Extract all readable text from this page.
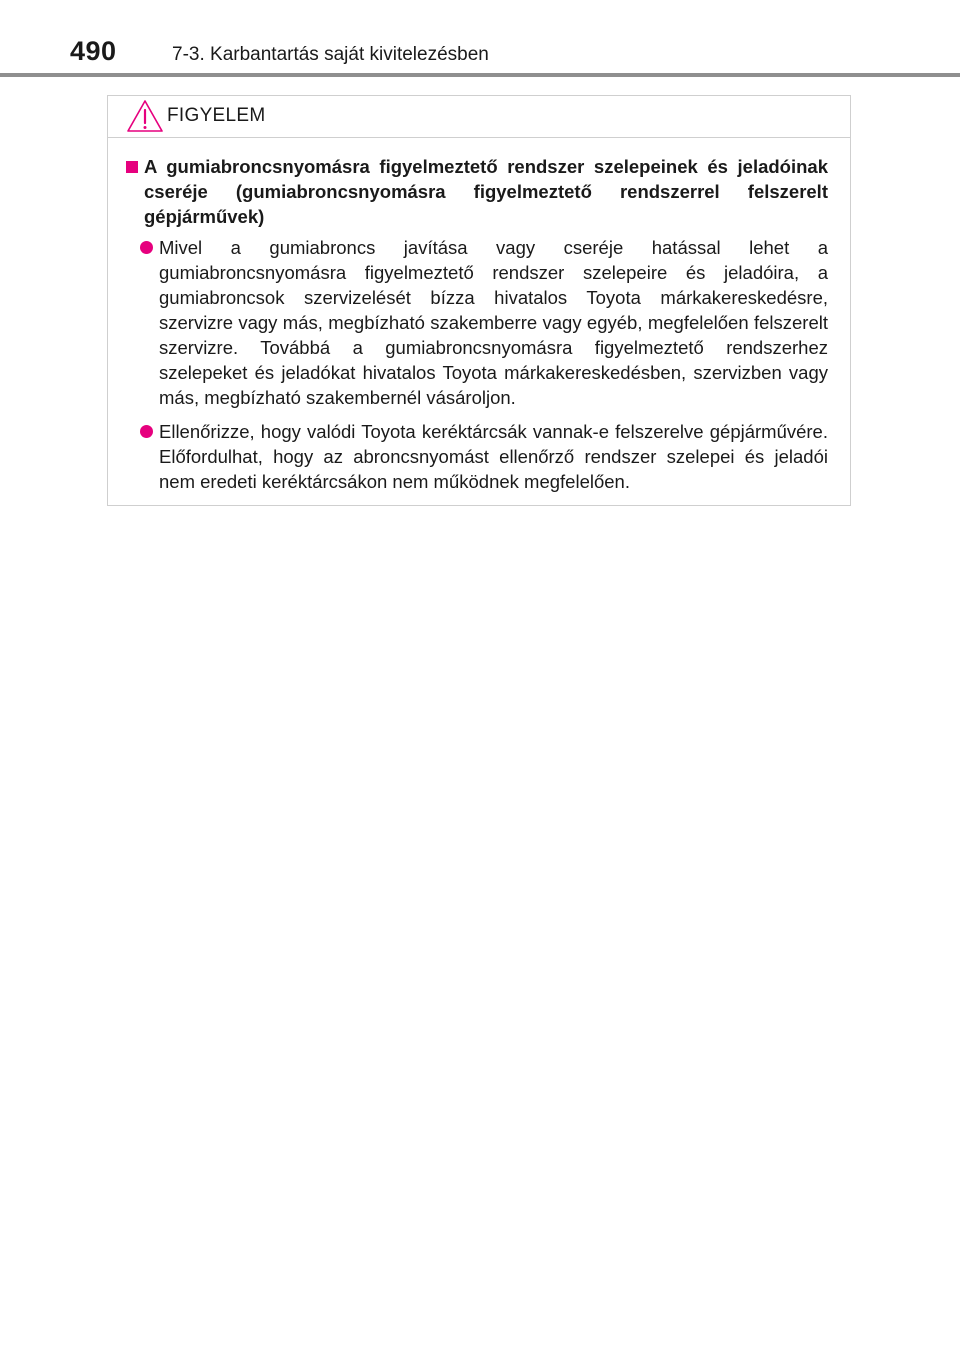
490	7-3. Karbantartás saját kivitelezésben
FIGYELEM
A gumiabroncsnyomásra figyelmeztető rendszer szelepeinek és jeladóinak cseréje (gumiabroncsnyomásra figyelmeztető rendszerrel felszerelt gépjárművek)
Mivel a gumiabroncs javítása vagy cseréje hatással lehet a gumiabroncsnyomásra figyelmeztető rendszer szelepeire és jeladóira, a gumiabroncsok szervizelését bízza hivatalos Toyota márkakereskedésre, szervizre vagy más, megbízható szakemberre vagy egyéb, megfelelően felszerelt szervizre. Továbbá a gumiabroncsnyomásra figyelmeztető rendszerhez szelepeket és jeladókat hivatalos Toyota márkakereskedésben, szervizben vagy más, megbízható szakembernél vásároljon.
Ellenőrizze, hogy valódi Toyota keréktárcsák vannak-e felszerelve gépjárművére. Előfordulhat, hogy az abroncsnyomást ellenőrző rendszer szelepei és jeladói nem eredeti keréktárcsákon nem működnek megfelelően.
